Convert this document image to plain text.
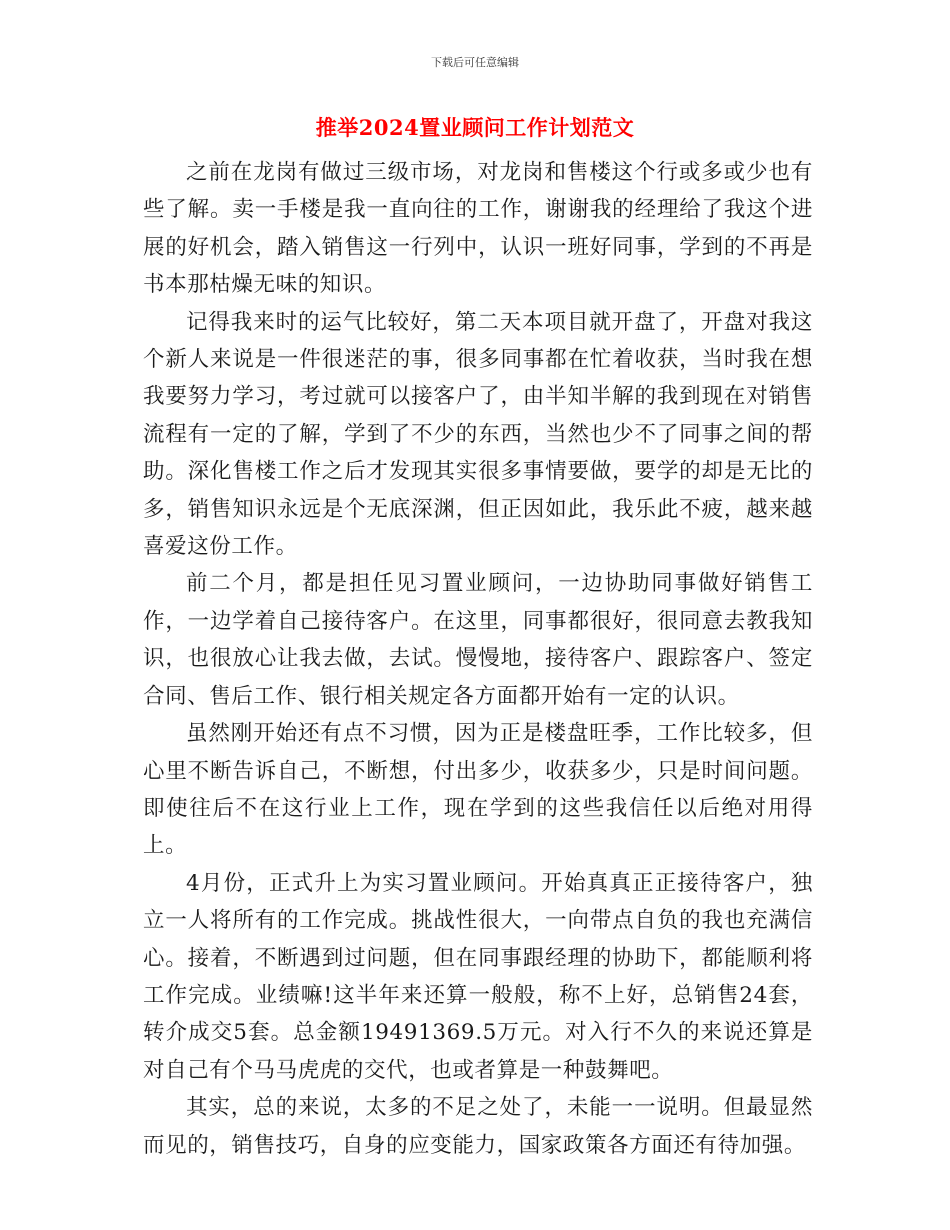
下载后可任意编辑
推举2024置业顾问工作计划范文

之前在龙岗有做过三级市场，对龙岗和售楼这个行或多或少也有些了解。卖一手楼是我一直向往的工作，谢谢我的经理给了我这个进展的好机会，踏入销售这一行列中，认识一班好同事，学到的不再是书本那枯燥无味的知识。

记得我来时的运气比较好，第二天本项目就开盘了，开盘对我这个新人来说是一件很迷茫的事，很多同事都在忙着收获，当时我在想我要努力学习，考过就可以接客户了，由半知半解的我到现在对销售流程有一定的了解，学到了不少的东西，当然也少不了同事之间的帮助。深化售楼工作之后才发现其实很多事情要做，要学的却是无比的多，销售知识永远是个无底深渊，但正因如此，我乐此不疲，越来越喜爱这份工作。

前二个月，都是担任见习置业顾问，一边协助同事做好销售工作，一边学着自己接待客户。在这里，同事都很好，很同意去教我知识，也很放心让我去做，去试。慢慢地，接待客户、跟踪客户、签定合同、售后工作、银行相关规定各方面都开始有一定的认识。

虽然刚开始还有点不习惯，因为正是楼盘旺季，工作比较多，但心里不断告诉自己，不断想，付出多少，收获多少，只是时间问题。即使往后不在这行业上工作，现在学到的这些我信任以后绝对用得上。

4月份，正式升上为实习置业顾问。开始真真正正接待客户，独立一人将所有的工作完成。挑战性很大，一向带点自负的我也充满信心。接着，不断遇到过问题，但在同事跟经理的协助下，都能顺利将工作完成。业绩嘛!这半年来还算一般般，称不上好，总销售24套，转介成交5套。总金额19491369.5万元。对入行不久的来说还算是对自己有个马马虎虎的交代，也或者算是一种鼓舞吧。

其实，总的来说，太多的不足之处了，未能一一说明。但最显然而见的，销售技巧，自身的应变能力，国家政策各方面还有待加强。
